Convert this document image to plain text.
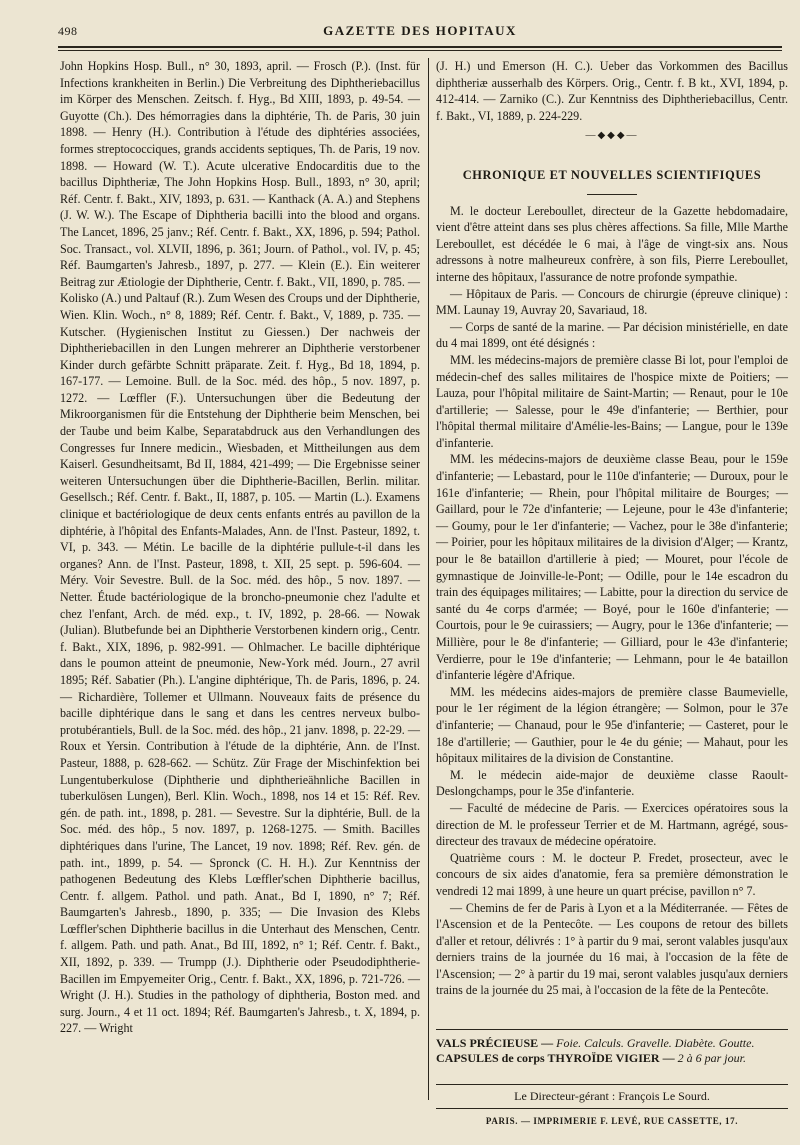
498	GAZETTE DES HOPITAUX

John Hopkins Hosp. Bull., n° 30, 1893, april. — Frosch (P.). (Inst. für Infections krankheiten in Berlin.) Die Verbreitung des Diphtheriebacillus im Körper des Menschen. Zeitsch. f. Hyg., Bd XIII, 1893, p. 49-54. — Guyotte (Ch.). Des hémorragies dans la diphtérie, Th. de Paris, 30 juin 1898. — Henry (H.). Contribution à l'étude des diphtéries associées, formes streptococciques, grands accidents septiques, Th. de Paris, 19 nov. 1898. — Howard (W. T.). Acute ulcerative Endocarditis due to the bacillus Diphtheriæ, The John Hopkins Hosp. Bull., 1893, n° 30, april; Réf. Centr. f. Bakt., XIV, 1893, p. 631. — Kanthack (A. A.) and Stephens (J. W. W.). The Escape of Diphtheria bacilli into the blood and organs. The Lancet, 1896, 25 janv.; Réf. Centr. f. Bakt., XX, 1896, p. 594; Pathol. Soc. Transact., vol. XLVII, 1896, p. 361; Journ. of Pathol., vol. IV, p. 45; Réf. Baumgarten's Jahresb., 1897, p. 277. — Klein (E.). Ein weiterer Beitrag zur Ætiologie der Diphtherie, Centr. f. Bakt., VII, 1890, p. 785. — Kolisko (A.) und Paltauf (R.). Zum Wesen des Croups und der Diphtherie, Wien. Klin. Woch., n° 8, 1889; Réf. Centr. f. Bakt., V, 1889, p. 735. — Kutscher. (Hygienischen Institut zu Giessen.) Der nachweis der Diphtheriebacillen in den Lungen mehrerer an Diphtherie verstorbener Kinder durch gefärbte Schnitt präparate. Zeit. f. Hyg., Bd 18, 1894, p. 167-177. — Lemoine. Bull. de la Soc. méd. des hôp., 5 nov. 1897, p. 1272. — Lœffler (F.). Untersuchungen über die Bedeutung der Mikroorganismen für die Entstehung der Diphtherie beim Menschen, bei der Taube und beim Kalbe, Separatabdruck aus den Verhandlungen des Congresses fur Innere medicin., Wiesbaden, et Mittheilungen aus dem Kaiserl. Gesundheitsamt, Bd II, 1884, 421-499; — Die Ergebnisse seiner weiteren Untersuchungen über die Diphtherie-Bacillen, Berlin. militar. Gesellsch.; Réf. Centr. f. Bakt., II, 1887, p. 105. — Martin (L.). Examens clinique et bactériologique de deux cents enfants entrés au pavillon de la diphtérie, à l'hôpital des Enfants-Malades, Ann. de l'Inst. Pasteur, 1892, t. VI, p. 343. — Métin. Le bacille de la diphtérie pullule-t-il dans les organes? Ann. de l'Inst. Pasteur, 1898, t. XII, 25 sept. p. 596-604. — Méry. Voir Sevestre. Bull. de la Soc. méd. des hôp., 5 nov. 1897. — Netter. Étude bactériologique de la broncho-pneumonie chez l'adulte et chez l'enfant, Arch. de méd. exp., t. IV, 1892, p. 28-66. — Nowak (Julian). Blutbefunde bei an Diphtherie Verstorbenen kindern orig., Centr. f. Bakt., XIX, 1896, p. 982-991. — Ohlmacher. Le bacille diphtérique dans le poumon atteint de pneumonie, New-York méd. Journ., 27 avril 1895; Réf. Sabatier (Ph.). L'angine diphtérique, Th. de Paris, 1896, p. 24. — Richardière, Tollemer et Ullmann. Nouveaux faits de présence du bacille diphtérique dans le sang et dans les centres nerveux bulbo-protubérantiels, Bull. de la Soc. méd. des hôp., 21 janv. 1898, p. 22-29. — Roux et Yersin. Contribution à l'étude de la diphtérie, Ann. de l'Inst. Pasteur, 1888, p. 628-662. — Schütz. Zür Frage der Mischinfektion bei Lungentuberkulose (Diphtherie und diphtherieähnliche Bacillen in tuberkulösen Lungen), Berl. Klin. Woch., 1898, nos 14 et 15: Réf. Rev. gén. de path. int., 1898, p. 281. — Sevestre. Sur la diphtérie, Bull. de la Soc. méd. des hôp., 5 nov. 1897, p. 1268-1275. — Smith. Bacilles diphtériques dans l'urine, The Lancet, 19 nov. 1898; Réf. Rev. gén. de path. int., 1899, p. 54. — Spronck (C. H. H.). Zur Kenntniss der pathogenen Bedeutung des Klebs Lœffler'schen Diphtherie bacillus, Centr. f. allgem. Pathol. und path. Anat., Bd I, 1890, n° 7; Réf. Baumgarten's Jahresb., 1890, p. 335; — Die Invasion des Klebs Lœffler'schen Diphtherie bacillus in die Unterhaut des Menschen, Centr. f. allgem. Path. und path. Anat., Bd III, 1892, n° 1; Réf. Centr. f. Bakt., XII, 1892, p. 339. — Trumpp (J.). Diphtherie oder Pseudodiphtherie-Bacillen im Empyemeiter Orig., Centr. f. Bakt., XX, 1896, p. 721-726. — Wright (J. H.). Studies in the pathology of diphtheria, Boston med. and surg. Journ., 4 et 11 oct. 1894; Réf. Baumgarten's Jahresb., t. X, 1894, p. 227. — Wright

(J. H.) und Emerson (H. C.). Ueber das Vorkommen des Bacillus diphtheriæ ausserhalb des Körpers. Orig., Centr. f. B kt., XVI, 1894, p. 412-414. — Zarniko (C.). Zur Kenntniss des Diphtheriebacillus, Centr. f. Bakt., VI, 1889, p. 224-229.

—◆◆◆—
CHRONIQUE ET NOUVELLES SCIENTIFIQUES

M. le docteur Lereboullet, directeur de la Gazette hebdomadaire, vient d'être atteint dans ses plus chères affections. Sa fille, Mlle Marthe Lereboullet, est décédée le 6 mai, à l'âge de vingt-six ans. Nous adressons à notre malheureux confrère, à son fils, Pierre Lereboullet, interne des hôpitaux, l'assurance de notre profonde sympathie.

— Hôpitaux de Paris. — Concours de chirurgie (épreuve clinique) : MM. Launay 19, Auvray 20, Savariaud, 18.

— Corps de santé de la marine. — Par décision ministérielle, en date du 4 mai 1899, ont été désignés :

MM. les médecins-majors de première classe Bi lot, pour l'emploi de médecin-chef des salles militaires de l'hospice mixte de Poitiers; — Lauza, pour l'hôpital militaire de Saint-Martin; — Renaut, pour le 10e d'artillerie; — Salesse, pour le 49e d'infanterie; — Berthier, pour l'hôpital thermal militaire d'Amélie-les-Bains; — Langue, pour le 139e d'infanterie.

MM. les médecins-majors de deuxième classe Beau, pour le 159e d'infanterie; — Lebastard, pour le 110e d'infanterie; — Duroux, pour le 161e d'infanterie; — Rhein, pour l'hôpital militaire de Bourges; — Gaillard, pour le 72e d'infanterie; — Lejeune, pour le 43e d'infanterie; — Goumy, pour le 1er d'infanterie; — Vachez, pour le 38e d'infanterie; — Poirier, pour les hôpitaux militaires de la division d'Alger; — Krantz, pour le 8e bataillon d'artillerie à pied; — Mouret, pour l'école de gymnastique de Joinville-le-Pont; — Odille, pour le 14e escadron du train des équipages militaires; — Labitte, pour la direction du service de santé du 4e corps d'armée; — Boyé, pour le 160e d'infanterie; — Courtois, pour le 9e cuirassiers; — Augry, pour le 136e d'infanterie; — Millière, pour le 8e d'infanterie; — Gilliard, pour le 43e d'infanterie; Verdierre, pour le 19e d'infanterie; — Lehmann, pour le 4e bataillon d'infanterie légère d'Afrique.

MM. les médecins aides-majors de première classe Baumevielle, pour le 1er régiment de la légion étrangère; — Solmon, pour le 37e d'infanterie; — Chanaud, pour le 95e d'infanterie; — Casteret, pour le 18e d'artillerie; — Gauthier, pour le 4e du génie; — Mahaut, pour les hôpitaux militaires de la division de Constantine.

M. le médecin aide-major de deuxième classe Raoult-Deslongchamps, pour le 35e d'infanterie.

— Faculté de médecine de Paris. — Exercices opératoires sous la direction de M. le professeur Terrier et de M. Hartmann, agrégé, sous-directeur des travaux de médecine opératoire.

Quatrième cours : M. le docteur P. Fredet, prosecteur, avec le concours de six aides d'anatomie, fera sa première démonstration le vendredi 12 mai 1899, à une heure un quart précise, pavillon n° 7.

— Chemins de fer de Paris à Lyon et a la Méditerranée. — Fêtes de l'Ascension et de la Pentecôte. — Les coupons de retour des billets d'aller et retour, délivrés : 1° à partir du 9 mai, seront valables jusqu'aux derniers trains de la journée du 16 mai, à l'occasion de la fête de l'Ascension; — 2° à partir du 19 mai, seront valables jusqu'aux derniers trains de la journée du 25 mai, à l'occasion de la fête de la Pentecôte.

VALS PRÉCIEUSE — Foie. Calculs. Gravelle. Diabète. Goutte.
CAPSULES de corps THYROÏDE VIGIER — 2 à 6 par jour.
Le Directeur-gérant : François Le Sourd.
PARIS. — IMPRIMERIE F. LEVÉ, RUE CASSETTE, 17.
